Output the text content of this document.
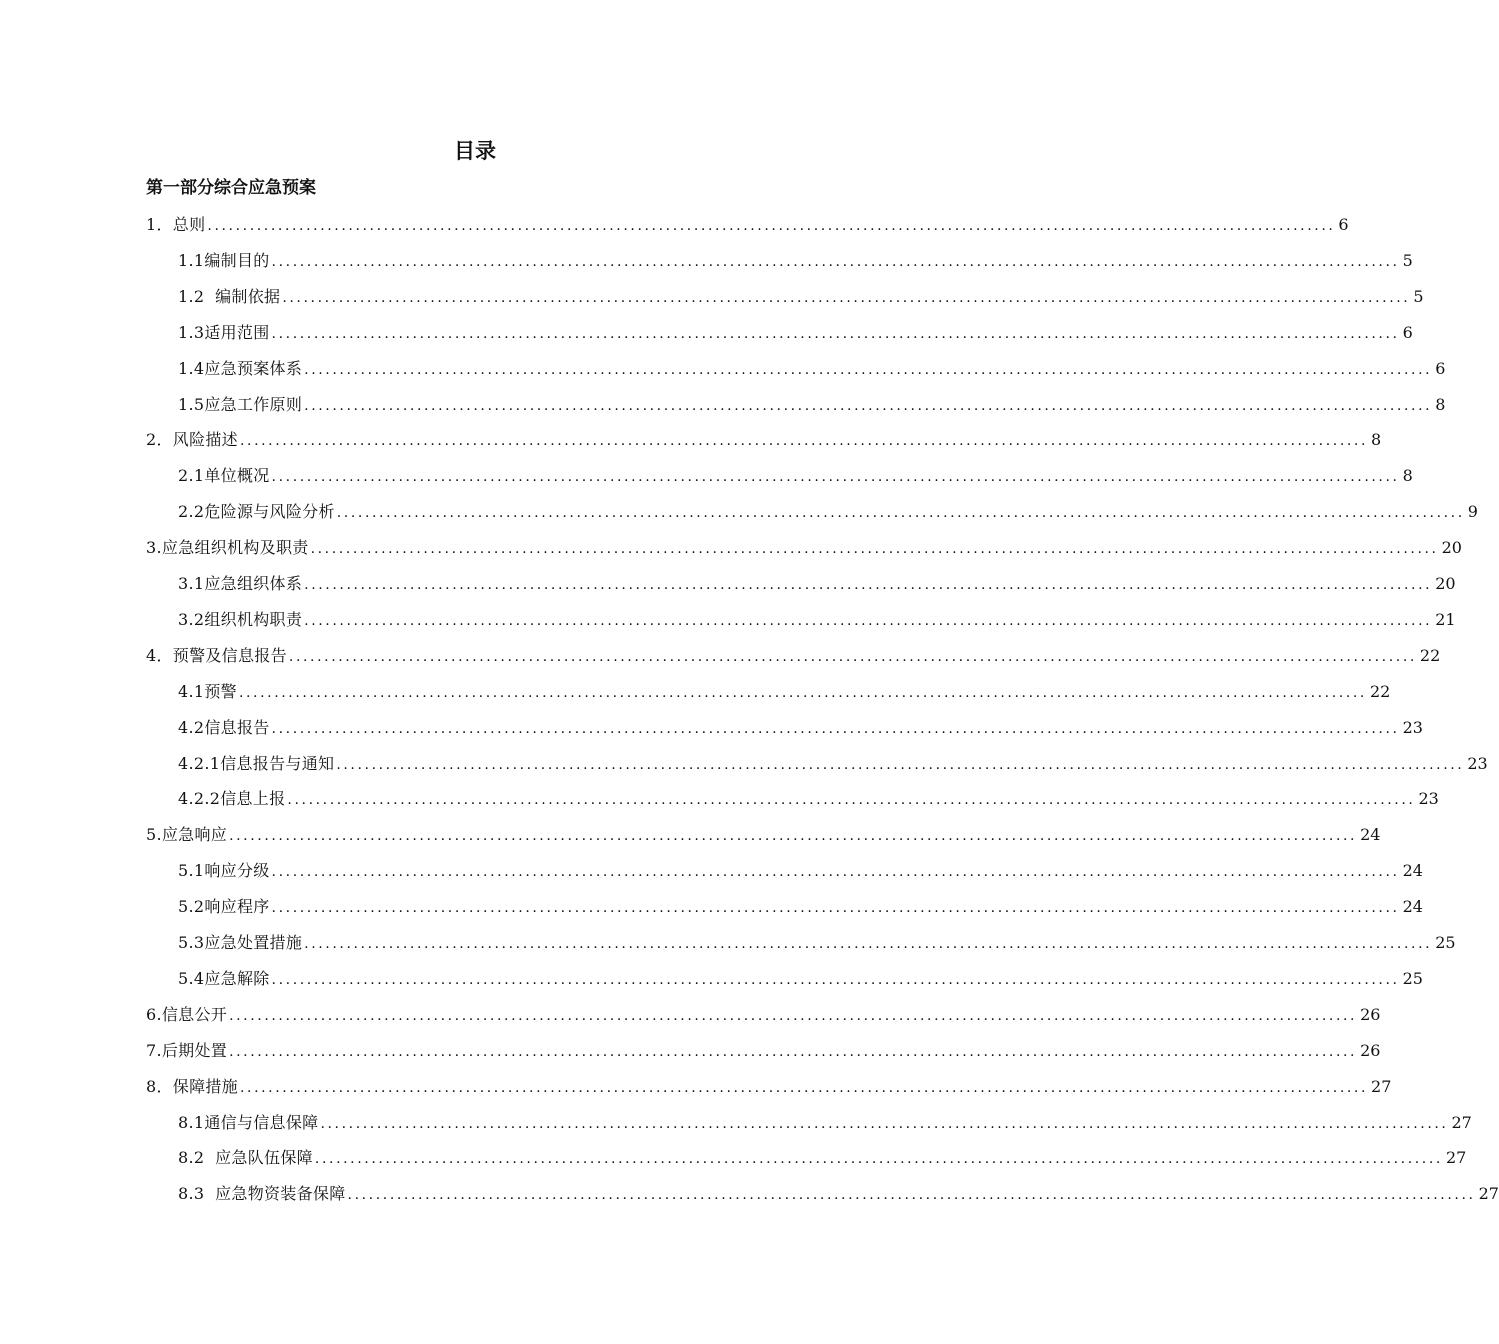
目录
第一部分综合应急预案
1．总则 ................................................................................................................................................................ 6
1.1编制目的 ................................................................................................................................................................ 5
1.2  编制依据 ................................................................................................................................................................ 5
1.3适用范围 ................................................................................................................................................................ 6
1.4应急预案体系 ................................................................................................................................................................ 6
1.5应急工作原则 ................................................................................................................................................................ 8
2．风险描述 ................................................................................................................................................................ 8
2.1单位概况 ................................................................................................................................................................ 8
2.2危险源与风险分析 ................................................................................................................................................................ 9
3.应急组织机构及职责 ................................................................................................................................................................ 20
3.1应急组织体系 ................................................................................................................................................................ 20
3.2组织机构职责 ................................................................................................................................................................ 21
4．预警及信息报告 ................................................................................................................................................................ 22
4.1预警 ................................................................................................................................................................ 22
4.2信息报告 ................................................................................................................................................................ 23
4.2.1信息报告与通知 ................................................................................................................................................................ 23
4.2.2信息上报 ................................................................................................................................................................ 23
5.应急响应 ................................................................................................................................................................ 24
5.1响应分级 ................................................................................................................................................................ 24
5.2响应程序 ................................................................................................................................................................ 24
5.3应急处置措施 ................................................................................................................................................................ 25
5.4应急解除 ................................................................................................................................................................ 25
6.信息公开 ................................................................................................................................................................ 26
7.后期处置 ................................................................................................................................................................ 26
8．保障措施 ................................................................................................................................................................ 27
8.1通信与信息保障 ................................................................................................................................................................ 27
8.2  应急队伍保障 ................................................................................................................................................................ 27
8.3  应急物资装备保障 ................................................................................................................................................................ 27
